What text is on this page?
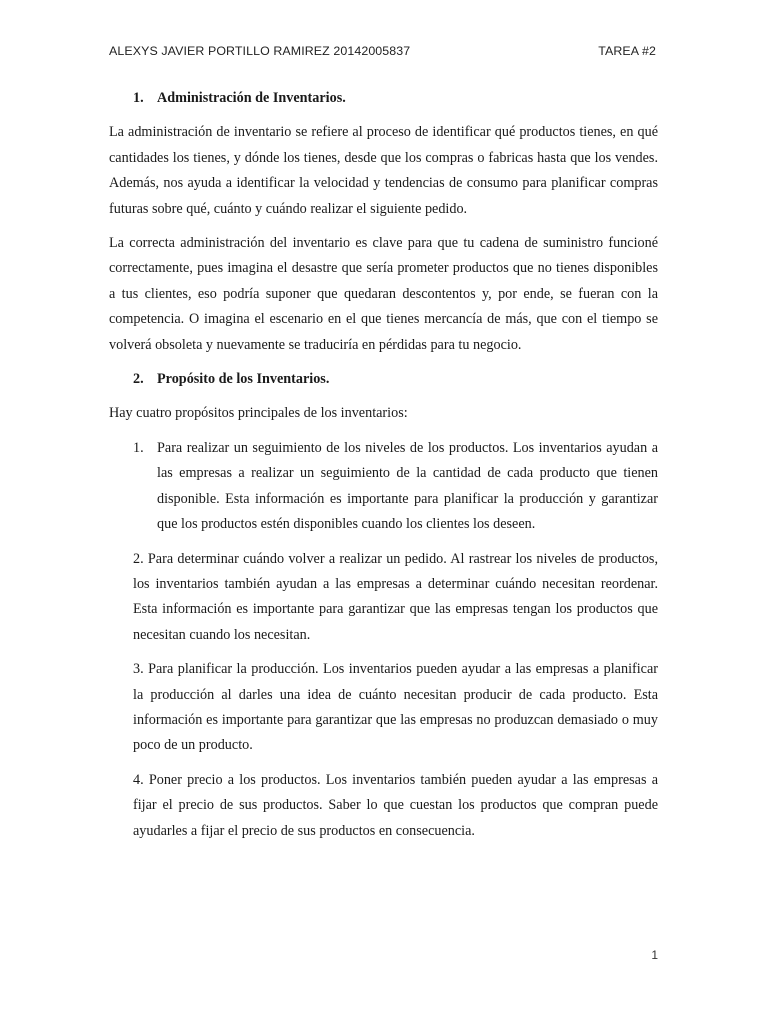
ALEXYS JAVIER PORTILLO RAMIREZ 20142005837	TAREA #2
1. Administración de Inventarios.

La administración de inventario se refiere al proceso de identificar qué productos tienes, en qué cantidades los tienes, y dónde los tienes, desde que los compras o fabricas hasta que los vendes. Además, nos ayuda a identificar la velocidad y tendencias de consumo para planificar compras futuras sobre qué, cuánto y cuándo realizar el siguiente pedido.

La correcta administración del inventario es clave para que tu cadena de suministro funcioné correctamente, pues imagina el desastre que sería prometer productos que no tienes disponibles a tus clientes, eso podría suponer que quedaran descontentos y, por ende, se fueran con la competencia. O imagina el escenario en el que tienes mercancía de más, que con el tiempo se volverá obsoleta y nuevamente se traduciría en pérdidas para tu negocio.

2. Propósito de los Inventarios.

Hay cuatro propósitos principales de los inventarios:

1. Para realizar un seguimiento de los niveles de los productos. Los inventarios ayudan a las empresas a realizar un seguimiento de la cantidad de cada producto que tienen disponible. Esta información es importante para planificar la producción y garantizar que los productos estén disponibles cuando los clientes los deseen.

2. Para determinar cuándo volver a realizar un pedido. Al rastrear los niveles de productos, los inventarios también ayudan a las empresas a determinar cuándo necesitan reordenar. Esta información es importante para garantizar que las empresas tengan los productos que necesitan cuando los necesitan.

3. Para planificar la producción. Los inventarios pueden ayudar a las empresas a planificar la producción al darles una idea de cuánto necesitan producir de cada producto. Esta información es importante para garantizar que las empresas no produzcan demasiado o muy poco de un producto.

4. Poner precio a los productos. Los inventarios también pueden ayudar a las empresas a fijar el precio de sus productos. Saber lo que cuestan los productos que compran puede ayudarles a fijar el precio de sus productos en consecuencia.

1
